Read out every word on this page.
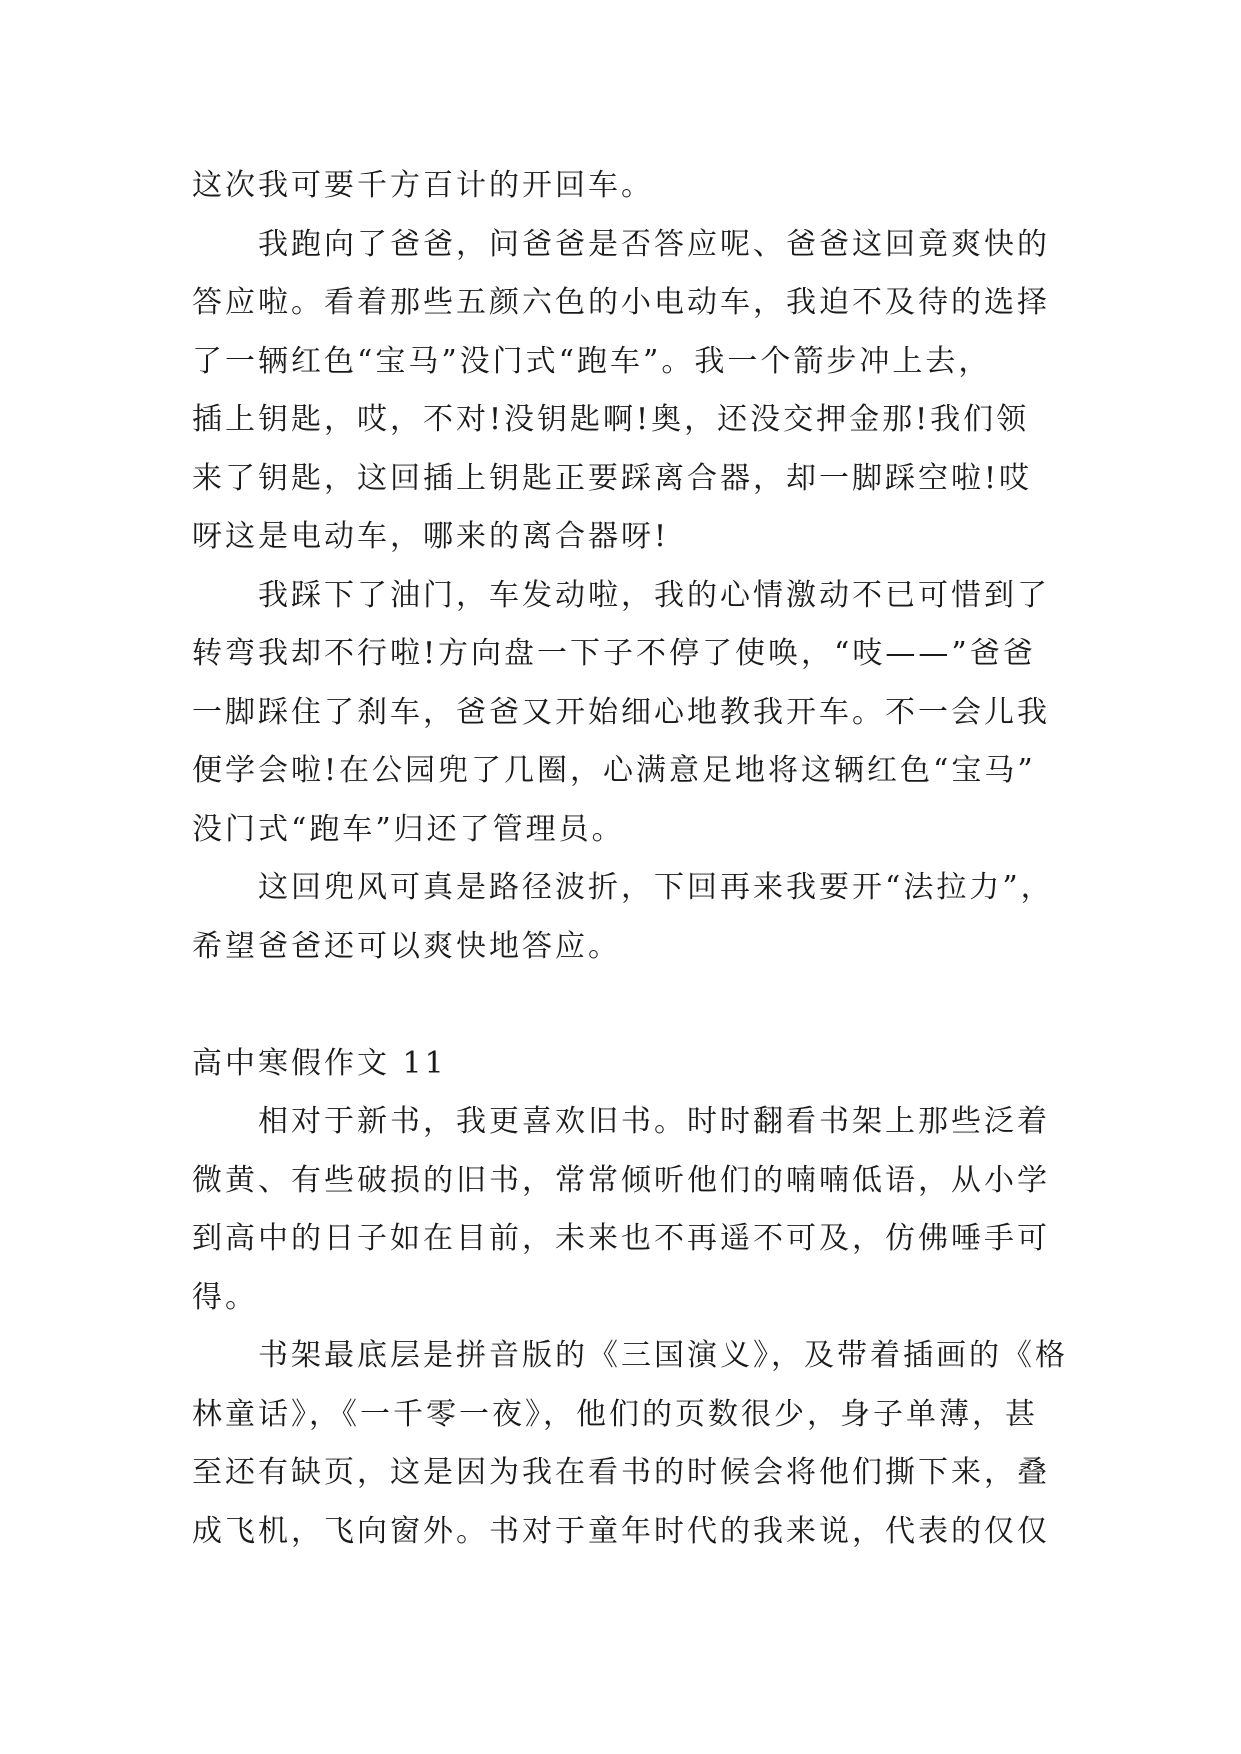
这次我可要千方百计的开回车。
我跑向了爸爸，问爸爸是否答应呢、爸爸这回竟爽快的
答应啦。看着那些五颜六色的小电动车，我迫不及待的选择
了一辆红色“宝马”没门式“跑车”。我一个箭步冲上去，
插上钥匙，哎，不对!没钥匙啊!奥，还没交押金那!我们领
来了钥匙，这回插上钥匙正要踩离合器，却一脚踩空啦!哎
呀这是电动车，哪来的离合器呀!
我踩下了油门，车发动啦，我的心情激动不已可惜到了
转弯我却不行啦!方向盘一下子不停了使唤，“吱——”爸爸
一脚踩住了刹车，爸爸又开始细心地教我开车。不一会儿我
便学会啦!在公园兜了几圈，心满意足地将这辆红色“宝马”
没门式“跑车”归还了管理员。
这回兜风可真是路径波折，下回再来我要开“法拉力”，
希望爸爸还可以爽快地答应。
高中寒假作文 11
相对于新书，我更喜欢旧书。时时翻看书架上那些泛着
微黄、有些破损的旧书，常常倾听他们的喃喃低语，从小学
到高中的日子如在目前，未来也不再遥不可及，仿佛唾手可
得。
书架最底层是拼音版的《三国演义》，及带着插画的《格
林童话》，《一千零一夜》，他们的页数很少，身子单薄，甚
至还有缺页，这是因为我在看书的时候会将他们撕下来，叠
成飞机，飞向窗外。书对于童年时代的我来说，代表的仅仅
